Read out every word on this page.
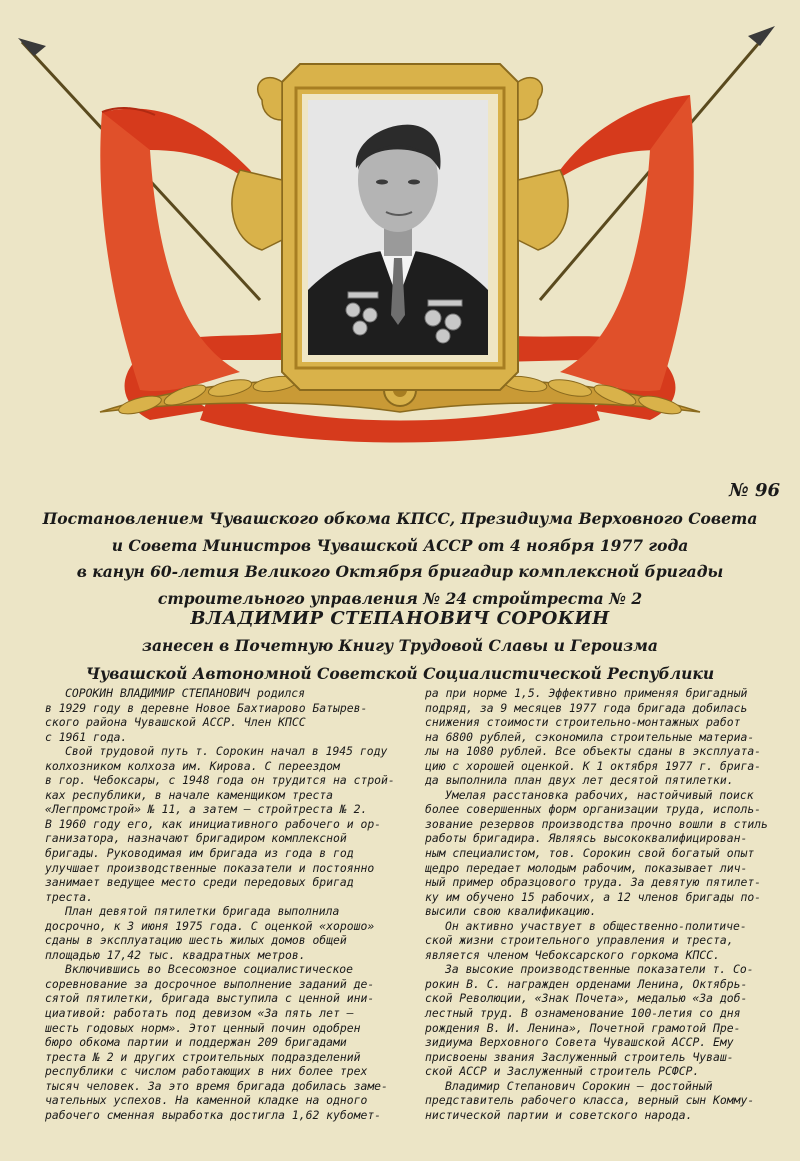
№ 96
Постановлением Чувашского обкома КПСС, Президиума Верховного Совета
и Совета Министров Чувашской АССР от 4 ноября 1977 года
в канун 60-летия Великого Октября бригадир комплексной бригады
строительного управления № 24 стройтреста № 2
ВЛАДИМИР СТЕПАНОВИЧ СОРОКИН
занесен в Почетную Книгу Трудовой Славы и Героизма
Чувашской Автономной Советской Социалистической Республики
СОРОКИН ВЛАДИМИР СТЕПАНОВИЧ родился
в 1929 году в деревне Новое Бахтиарово Батырев-
ского района Чувашской АССР. Член КПСС
с 1961 года.
Свой трудовой путь т. Сорокин начал в 1945 году
колхозником колхоза им. Кирова. С переездом
в гор. Чебоксары, с 1948 года он трудится на строй-
ках республики, в начале каменщиком треста
«Легпромстрой» № 11, а затем — стройтреста № 2.
В 1960 году его, как инициативного рабочего и ор-
ганизатора, назначают бригадиром комплексной
бригады. Руководимая им бригада из года в год
улучшает производственные показатели и постоянно
занимает ведущее место среди передовых бригад
треста.
План девятой пятилетки бригада выполнила
досрочно, к 3 июня 1975 года. С оценкой «хорошо»
сданы в эксплуатацию шесть жилых домов общей
площадью 17,42 тыс. квадратных метров.
Включившись во Всесоюзное социалистическое
соревнование за досрочное выполнение заданий де-
сятой пятилетки, бригада выступила с ценной ини-
циативой: работать под девизом «За пять лет —
шесть годовых норм». Этот ценный почин одобрен
бюро обкома партии и поддержан 209 бригадами
треста № 2 и других строительных подразделений
республики с числом работающих в них более трех
тысяч человек. За это время бригада добилась заме-
чательных успехов. На каменной кладке на одного
рабочего сменная выработка достигла 1,62 кубомет-
ра при норме 1,5. Эффективно применяя бригадный
подряд, за 9 месяцев 1977 года бригада добилась
снижения стоимости строительно-монтажных работ
на 6800 рублей, сэкономила строительные материа-
лы на 1080 рублей. Все объекты сданы в эксплуата-
цию с хорошей оценкой. К 1 октября 1977 г. брига-
да выполнила план двух лет десятой пятилетки.
Умелая расстановка рабочих, настойчивый поиск
более совершенных форм организации труда, исполь-
зование резервов производства прочно вошли в стиль
работы бригадира. Являясь высококвалифицирован-
ным специалистом, тов. Сорокин свой богатый опыт
щедро передает молодым рабочим, показывает лич-
ный пример образцового труда. За девятую пятилет-
ку им обучено 15 рабочих, а 12 членов бригады по-
высили свою квалификацию.
Он активно участвует в общественно-политиче-
ской жизни строительного управления и треста,
является членом Чебоксарского горкома КПСС.
За высокие производственные показатели т. Со-
рокин В. С. награжден орденами Ленина, Октябрь-
ской Революции, «Знак Почета», медалью «За доб-
лестный труд. В ознаменование 100-летия со дня
рождения В. И. Ленина», Почетной грамотой Пре-
зидиума Верховного Совета Чувашской АССР. Ему
присвоены звания Заслуженный строитель Чуваш-
ской АССР и Заслуженный строитель РСФСР.
Владимир Степанович Сорокин — достойный
представитель рабочего класса, верный сын Комму-
нистической партии и советского народа.
